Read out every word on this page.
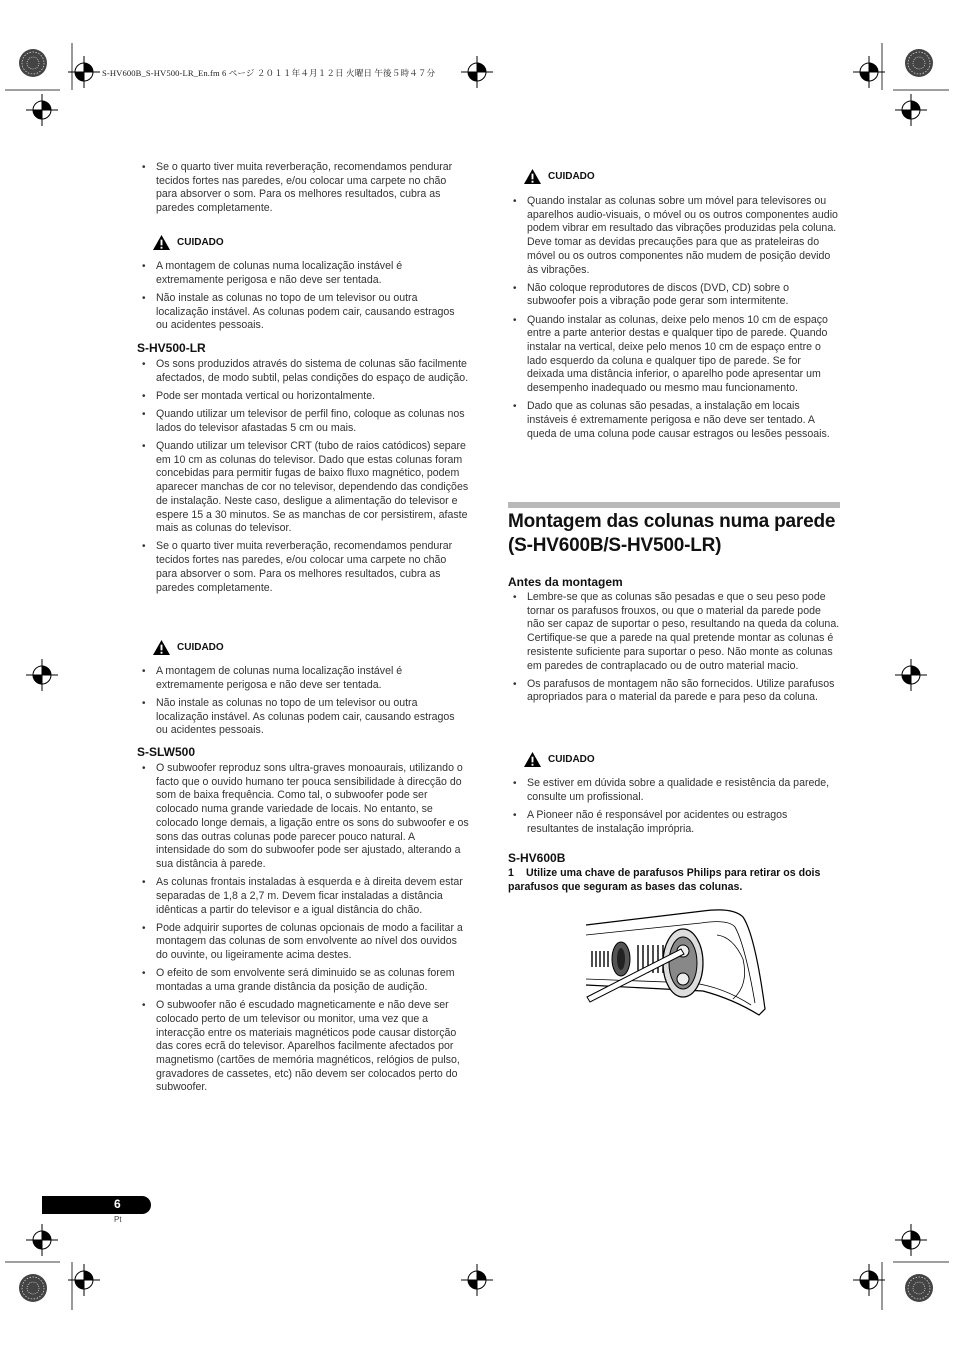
S-HV600B_S-HV500-LR_En.fm 6 ページ ２０１１年４月１２日 火曜日 午後５時４７分
• Se o quarto tiver muita reverberação, recomendamos pendurar tecidos fortes nas paredes, e/ou colocar uma carpete no chão para absorver o som. Para os melhores resultados, cubra as paredes completamente.
CUIDADO
• A montagem de colunas numa localização instável é extremamente perigosa e não deve ser tentada.
• Não instale as colunas no topo de um televisor ou outra localização instável. As colunas podem cair, causando estragos ou acidentes pessoais.
S-HV500-LR
• Os sons produzidos através do sistema de colunas são facilmente afectados, de modo subtil, pelas condições do espaço de audição.
• Pode ser montada vertical ou horizontalmente.
• Quando utilizar um televisor de perfil fino, coloque as colunas nos lados do televisor afastadas 5 cm ou mais.
• Quando utilizar um televisor CRT (tubo de raios catódicos) separe em 10 cm as colunas do televisor. Dado que estas colunas foram concebidas para permitir fugas de baixo fluxo magnético, podem aparecer manchas de cor no televisor, dependendo das condições de instalação. Neste caso, desligue a alimentação do televisor e espere 15 a 30 minutos. Se as manchas de cor persistirem, afaste mais as colunas do televisor.
• Se o quarto tiver muita reverberação, recomendamos pendurar tecidos fortes nas paredes, e/ou colocar uma carpete no chão para absorver o som. Para os melhores resultados, cubra as paredes completamente.
CUIDADO
• A montagem de colunas numa localização instável é extremamente perigosa e não deve ser tentada.
• Não instale as colunas no topo de um televisor ou outra localização instável. As colunas podem cair, causando estragos ou acidentes pessoais.
S-SLW500
• O subwoofer reproduz sons ultra-graves monoaurais, utilizando o facto que o ouvido humano ter pouca sensibilidade à direcção do som de baixa frequência. Como tal, o subwoofer pode ser colocado numa grande variedade de locais. No entanto, se colocado longe demais, a ligação entre os sons do subwoofer e os sons das outras colunas pode parecer pouco natural. A intensidade do som do subwoofer pode ser ajustado, alterando a sua distância à parede.
• As colunas frontais instaladas à esquerda e à direita devem estar separadas de 1,8 a 2,7 m. Devem ficar instaladas a distância idênticas a partir do televisor e a igual distância do chão.
• Pode adquirir suportes de colunas opcionais de modo a facilitar a montagem das colunas de som envolvente ao nível dos ouvidos do ouvinte, ou ligeiramente acima destes.
• O efeito de som envolvente será diminuido se as colunas forem montadas a uma grande distância da posição de audição.
• O subwoofer não é escudado magneticamente e não deve ser colocado perto de um televisor ou monitor, uma vez que a interacção entre os materiais magnéticos pode causar distorção das cores ecrã do televisor. Aparelhos facilmente afectados por magnetismo (cartões de memória magnéticos, relógios de pulso, gravadores de cassetes, etc) não devem ser colocados perto do subwoofer.
CUIDADO
• Quando instalar as colunas sobre um móvel para televisores ou aparelhos audio-visuais, o móvel ou os outros componentes audio podem vibrar em resultado das vibrações produzidas pela coluna. Deve tomar as devidas precauções para que as prateleiras do móvel ou os outros componentes não mudem de posição devido às vibrações.
• Não coloque reprodutores de discos (DVD, CD) sobre o subwoofer pois a vibração pode gerar som intermitente.
• Quando instalar as colunas, deixe pelo menos 10 cm de espaço entre a parte anterior destas e qualquer tipo de parede. Quando instalar na vertical, deixe pelo menos 10 cm de espaço entre o lado esquerdo da coluna e qualquer tipo de parede. Se for deixada uma distância inferior, o aparelho pode apresentar um desempenho inadequado ou mesmo mau funcionamento.
• Dado que as colunas são pesadas, a instalação em locais instáveis é extremamente perigosa e não deve ser tentado. A queda de uma coluna pode causar estragos ou lesões pessoais.
Montagem das colunas numa parede
(S-HV600B/S-HV500-LR)
Antes da montagem
• Lembre-se que as colunas são pesadas e que o seu peso pode tornar os parafusos frouxos, ou que o material da parede pode não ser capaz de suportar o peso, resultando na queda da coluna. Certifique-se que a parede na qual pretende montar as colunas é resistente suficiente para suportar o peso. Não monte as colunas em paredes de contraplacado ou de outro material macio.
• Os parafusos de montagem não são fornecidos. Utilize parafusos apropriados para o material da parede e para peso da coluna.
CUIDADO
• Se estiver em dúvida sobre a qualidade e resistência da parede, consulte um profissional.
• A Pioneer não é responsável por acidentes ou estragos resultantes de instalação imprópria.
S-HV600B
1 Utilize uma chave de parafusos Philips para retirar os dois parafusos que seguram as bases das colunas.
6
Pt
